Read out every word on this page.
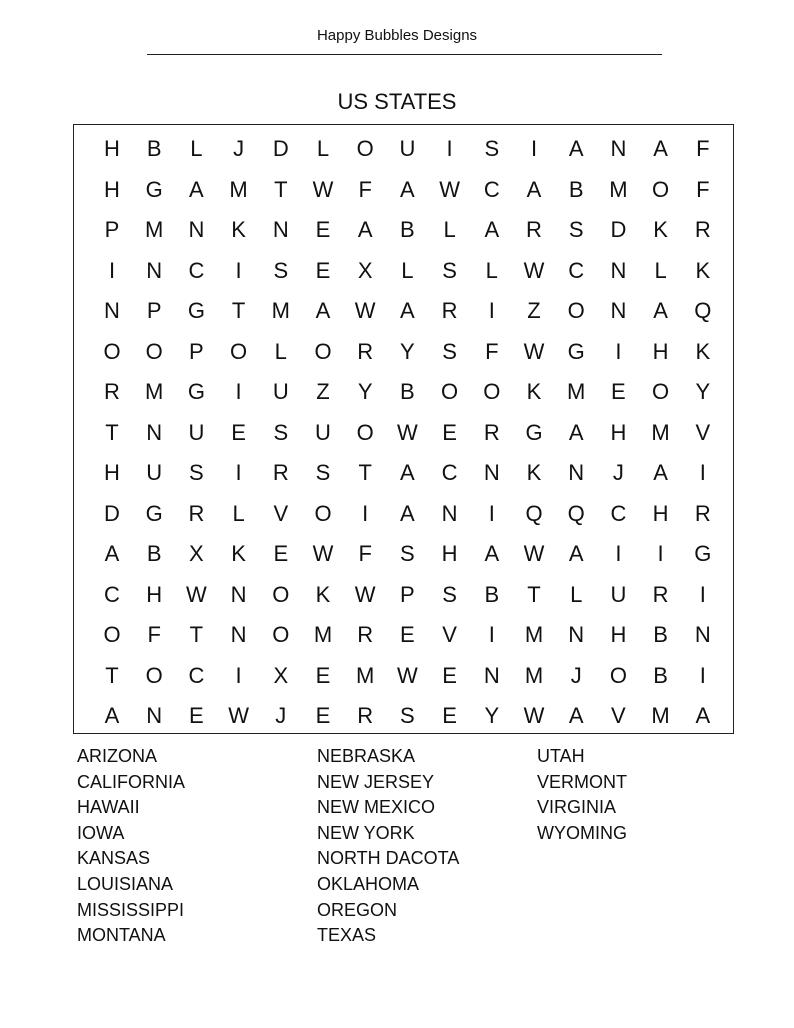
Happy Bubbles Designs
US STATES
H	B	L	J	D	L	O	U	I	S	I	A	N	A	F
H	G	A	M	T	W	F	A	W	C	A	B	M	O	F
P	M	N	K	N	E	A	B	L	A	R	S	D	K	R
I	N	C	I	S	E	X	L	S	L	W	C	N	L	K
N	P	G	T	M	A	W	A	R	I	Z	O	N	A	Q
O	O	P	O	L	O	R	Y	S	F	W	G	I	H	K
R	M	G	I	U	Z	Y	B	O	O	K	M	E	O	Y
T	N	U	E	S	U	O	W	E	R	G	A	H	M	V
H	U	S	I	R	S	T	A	C	N	K	N	J	A	I
D	G	R	L	V	O	I	A	N	I	Q	Q	C	H	R
A	B	X	K	E	W	F	S	H	A	W	A	I	I	G
C	H	W	N	O	K	W	P	S	B	T	L	U	R	I
O	F	T	N	O	M	R	E	V	I	M	N	H	B	N
T	O	C	I	X	E	M	W	E	N	M	J	O	B	I
A	N	E	W	J	E	R	S	E	Y	W	A	V	M	A
ARIZONA
CALIFORNIA
HAWAII
IOWA
KANSAS
LOUISIANA
MISSISSIPPI
MONTANA
NEBRASKA
NEW JERSEY
NEW MEXICO
NEW YORK
NORTH DACOTA
OKLAHOMA
OREGON
TEXAS
UTAH
VERMONT
VIRGINIA
WYOMING
